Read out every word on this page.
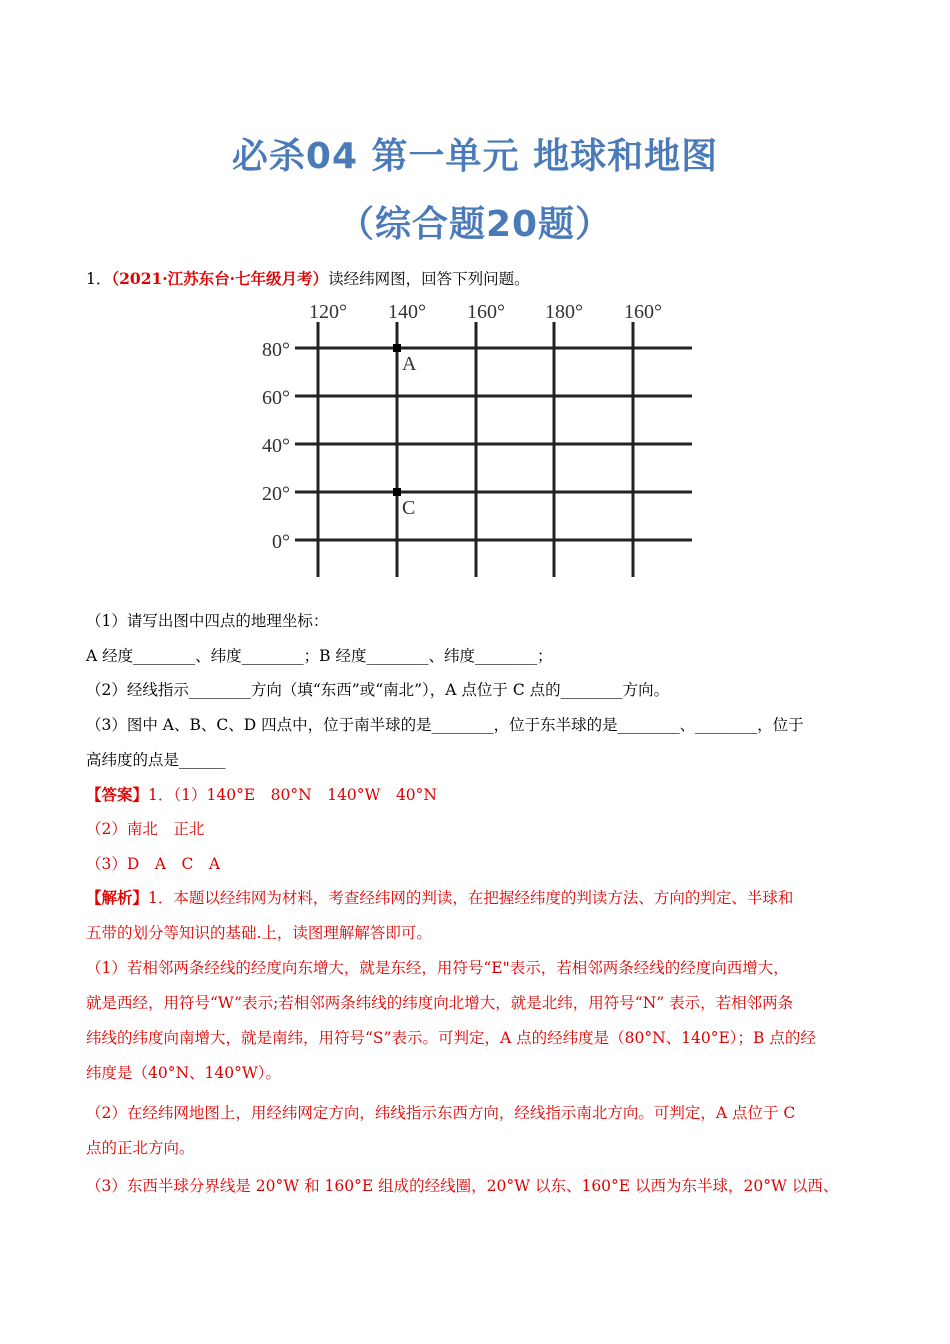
必杀04 第一单元 地球和地图
（综合题20题）
1．（2021·江苏东台·七年级月考）读经纬网图，回答下列问题。
120° 140° 160° 180° 160°
80°
60°
40°
20°
0°
A
C
（1）请写出图中四点的地理坐标：
A 经度________、纬度________；B 经度________、纬度________；
（2）经线指示________方向（填“东西”或“南北”），A 点位于 C 点的________方向。
（3）图中 A、B、C、D 四点中，位于南半球的是________，位于东半球的是________、________，位于
高纬度的点是______
【答案】1．（1）140°E　80°N　140°W　40°N
（2）南北　正北
（3）D　A　C　A
【解析】1．本题以经纬网为材料，考查经纬网的判读，在把握经纬度的判读方法、方向的判定、半球和
五带的划分等知识的基础.上，读图理解解答即可。
（1）若相邻两条经线的经度向东增大，就是东经，用符号“E"表示，若相邻两条经线的经度向西增大，
就是西经，用符号“W”表示;若相邻两条纬线的纬度向北增大，就是北纬，用符号“N” 表示，若相邻两条
纬线的纬度向南增大，就是南纬，用符号“S”表示。可判定，A 点的经纬度是（80°N、140°E）；B 点的经
纬度是（40°N、140°W）。
（2）在经纬网地图上，用经纬网定方向，纬线指示东西方向，经线指示南北方向。可判定，A 点位于 C
点的正北方向。
（3）东西半球分界线是 20°W 和 160°E 组成的经线圈，20°W 以东、160°E 以西为东半球，20°W 以西、
